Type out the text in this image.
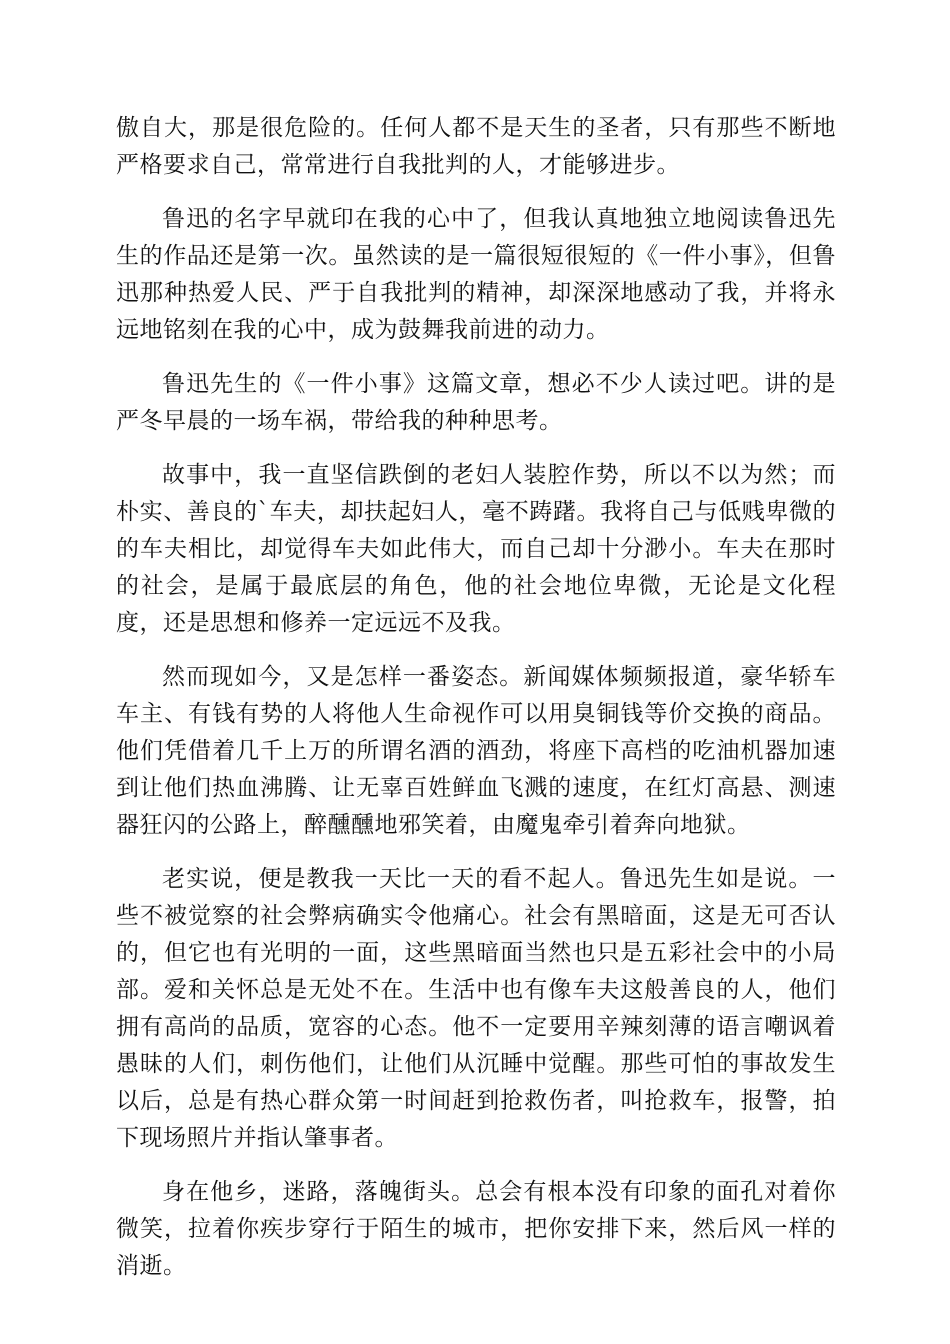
傲自大，那是很危险的。任何人都不是天生的圣者，只有那些不断地严格要求自己，常常进行自我批判的人，才能够进步。

鲁迅的名字早就印在我的心中了，但我认真地独立地阅读鲁迅先生的作品还是第一次。虽然读的是一篇很短很短的《一件小事》，但鲁迅那种热爱人民、严于自我批判的精神，却深深地感动了我，并将永远地铭刻在我的心中，成为鼓舞我前进的动力。

鲁迅先生的《一件小事》这篇文章，想必不少人读过吧。讲的是严冬早晨的一场车祸，带给我的种种思考。

故事中，我一直坚信跌倒的老妇人装腔作势，所以不以为然；而朴实、善良的`车夫，却扶起妇人，毫不踌躇。我将自己与低贱卑微的的车夫相比，却觉得车夫如此伟大，而自己却十分渺小。车夫在那时的社会，是属于最底层的角色，他的社会地位卑微，无论是文化程度，还是思想和修养一定远远不及我。

然而现如今，又是怎样一番姿态。新闻媒体频频报道，豪华轿车车主、有钱有势的人将他人生命视作可以用臭铜钱等价交换的商品。他们凭借着几千上万的所谓名酒的酒劲，将座下高档的吃油机器加速到让他们热血沸腾、让无辜百姓鲜血飞溅的速度，在红灯高悬、测速器狂闪的公路上，醉醺醺地邪笑着，由魔鬼牵引着奔向地狱。

老实说，便是教我一天比一天的看不起人。鲁迅先生如是说。一些不被觉察的社会弊病确实令他痛心。社会有黑暗面，这是无可否认的，但它也有光明的一面，这些黑暗面当然也只是五彩社会中的小局部。爱和关怀总是无处不在。生活中也有像车夫这般善良的人，他们拥有高尚的品质，宽容的心态。他不一定要用辛辣刻薄的语言嘲讽着愚昧的人们，刺伤他们，让他们从沉睡中觉醒。那些可怕的事故发生以后，总是有热心群众第一时间赶到抢救伤者，叫抢救车，报警，拍下现场照片并指认肇事者。

身在他乡，迷路，落魄街头。总会有根本没有印象的面孔对着你微笑，拉着你疾步穿行于陌生的城市，把你安排下来，然后风一样的消逝。
